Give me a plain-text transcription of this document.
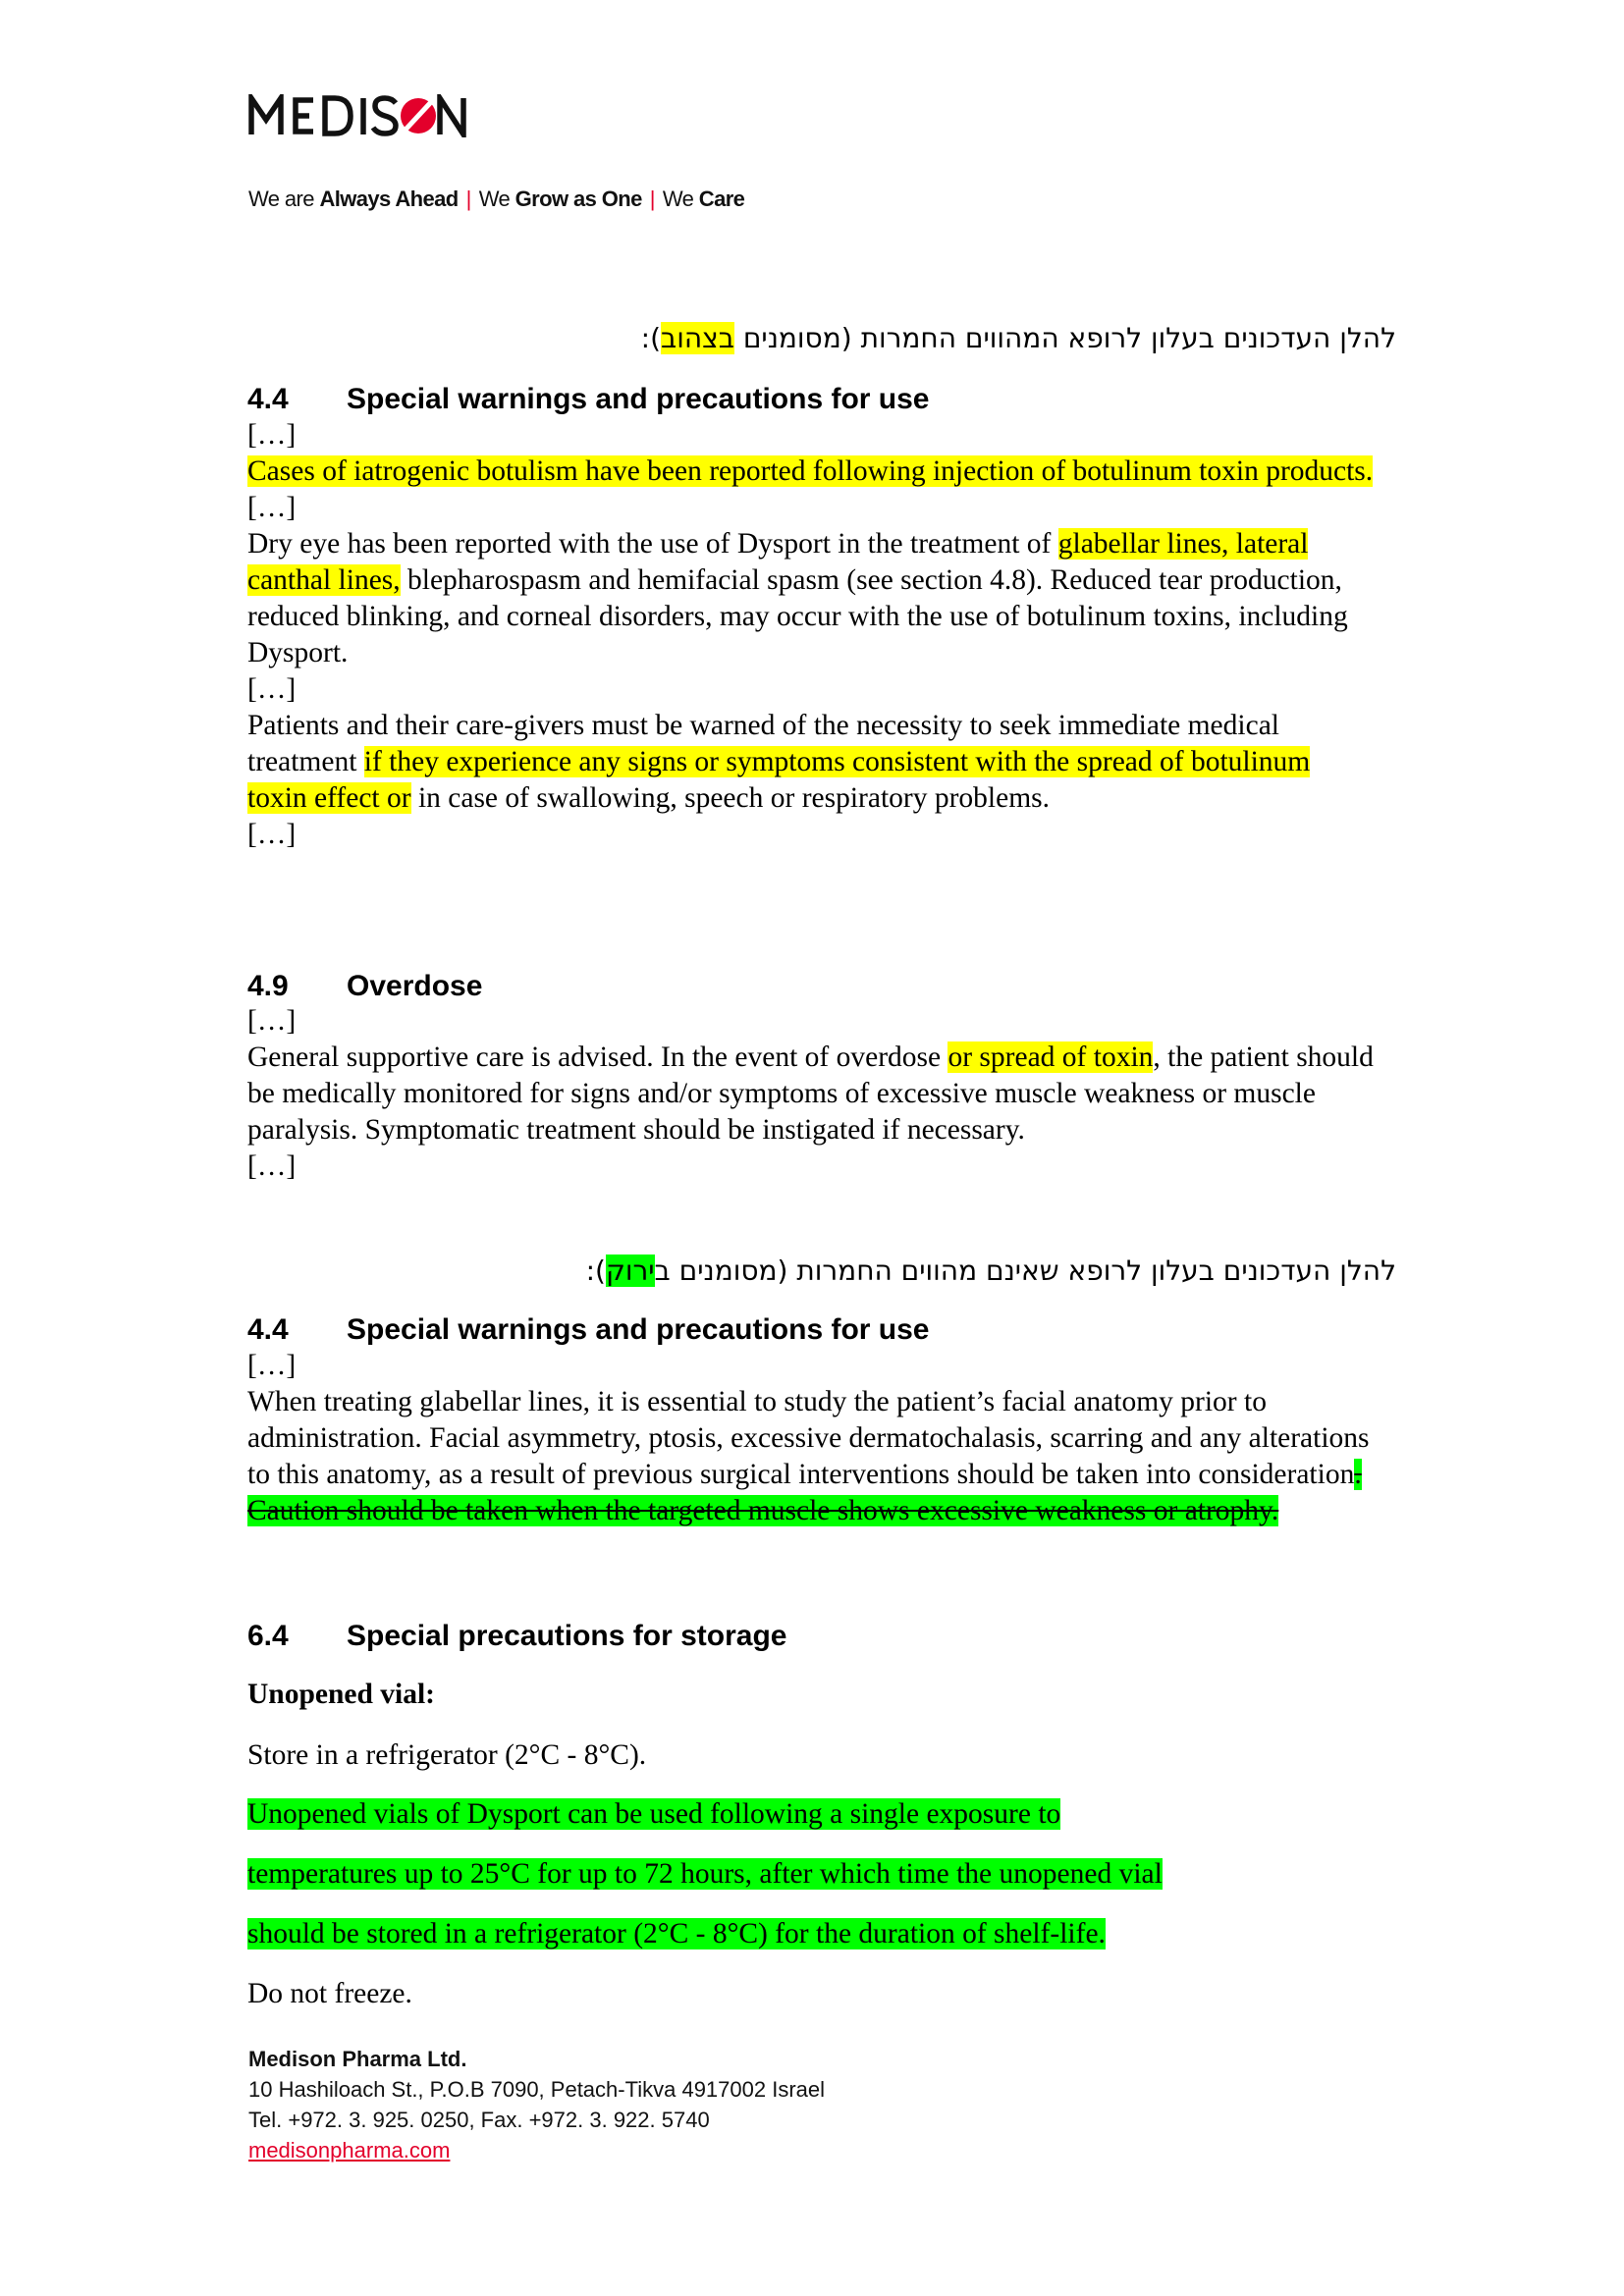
We are Always Ahead | We Grow as One | We Care
להלן העדכונים בעלון לרופא המהווים החמרות (מסומנים בצהוב):
4.4 Special warnings and precautions for use

[…]

Cases of iatrogenic botulism have been reported following injection of botulinum toxin products.

[…]

Dry eye has been reported with the use of Dysport in the treatment of glabellar lines, lateral canthal lines, blepharospasm and hemifacial spasm (see section 4.8). Reduced tear production, reduced blinking, and corneal disorders, may occur with the use of botulinum toxins, including Dysport.

[…]

Patients and their care-givers must be warned of the necessity to seek immediate medical treatment if they experience any signs or symptoms consistent with the spread of botulinum toxin effect or in case of swallowing, speech or respiratory problems.

[…]

4.9 Overdose

[…]

General supportive care is advised. In the event of overdose or spread of toxin, the patient should be medically monitored for signs and/or symptoms of excessive muscle weakness or muscle paralysis. Symptomatic treatment should be instigated if necessary.

[…]

להלן העדכונים בעלון לרופא שאינם מהווים החמרות (מסומנים בירוק):
4.4 Special warnings and precautions for use

[…]

When treating glabellar lines, it is essential to study the patient’s facial anatomy prior to administration. Facial asymmetry, ptosis, excessive dermatochalasis, scarring and any alterations to this anatomy, as a result of previous surgical interventions should be taken into consideration. Caution should be taken when the targeted muscle shows excessive weakness or atrophy.

6.4 Special precautions for storage
Unopened vial:
Store in a refrigerator (2°C - 8°C).
Unopened vials of Dysport can be used following a single exposure to
temperatures up to 25°C for up to 72 hours, after which time the unopened vial
should be stored in a refrigerator (2°C - 8°C) for the duration of shelf-life.
Do not freeze.
Medison Pharma Ltd.
10 Hashiloach St., P.O.B 7090, Petach-Tikva 4917002 Israel
Tel. +972. 3. 925. 0250, Fax. +972. 3. 922. 5740
medisonpharma.com
